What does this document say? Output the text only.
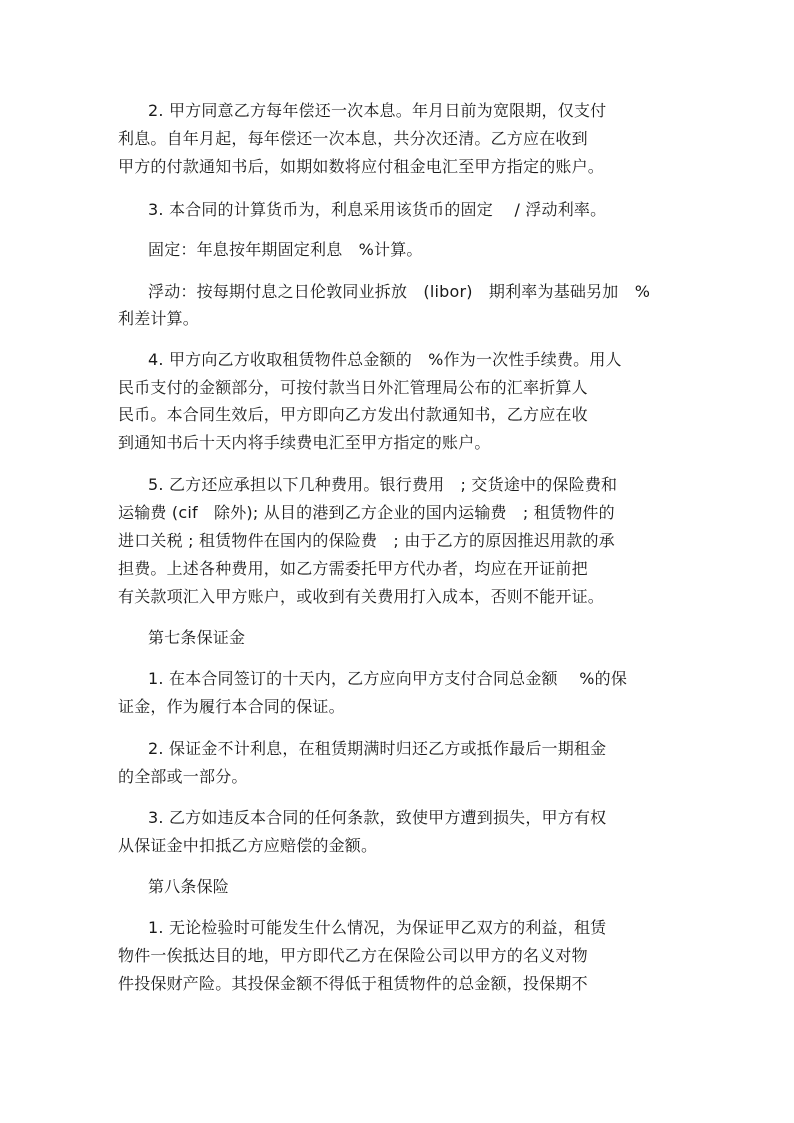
2. 甲方同意乙方每年偿还一次本息。年月日前为宽限期，仅支付
利息。自年月起，每年偿还一次本息，共分次还清。乙方应在收到
甲方的付款通知书后，如期如数将应付租金电汇至甲方指定的账户。
3. 本合同的计算货币为，利息采用该货币的固定　 / 浮动利率。
固定：年息按年期固定利息　%计算。
浮动：按每期付息之日伦敦同业拆放　(libor)　期利率为基础另加　%
利差计算。
4. 甲方向乙方收取租赁物件总金额的　%作为一次性手续费。用人
民币支付的金额部分，可按付款当日外汇管理局公布的汇率折算人
民币。本合同生效后，甲方即向乙方发出付款通知书，乙方应在收
到通知书后十天内将手续费电汇至甲方指定的账户。
5. 乙方还应承担以下几种费用。银行费用　; 交货途中的保险费和
运输费 (cif　除外); 从目的港到乙方企业的国内运输费　; 租赁物件的
进口关税 ; 租赁物件在国内的保险费　; 由于乙方的原因推迟用款的承
担费。上述各种费用，如乙方需委托甲方代办者，均应在开证前把
有关款项汇入甲方账户，或收到有关费用打入成本，否则不能开证。
第七条保证金
1. 在本合同签订的十天内，乙方应向甲方支付合同总金额　 %的保
证金，作为履行本合同的保证。
2. 保证金不计利息，在租赁期满时归还乙方或抵作最后一期租金
的全部或一部分。
3. 乙方如违反本合同的任何条款，致使甲方遭到损失，甲方有权
从保证金中扣抵乙方应赔偿的金额。
第八条保险
1. 无论检验时可能发生什么情况，为保证甲乙双方的利益，租赁
物件一俟抵达目的地，甲方即代乙方在保险公司以甲方的名义对物
件投保财产险。其投保金额不得低于租赁物件的总金额，投保期不
